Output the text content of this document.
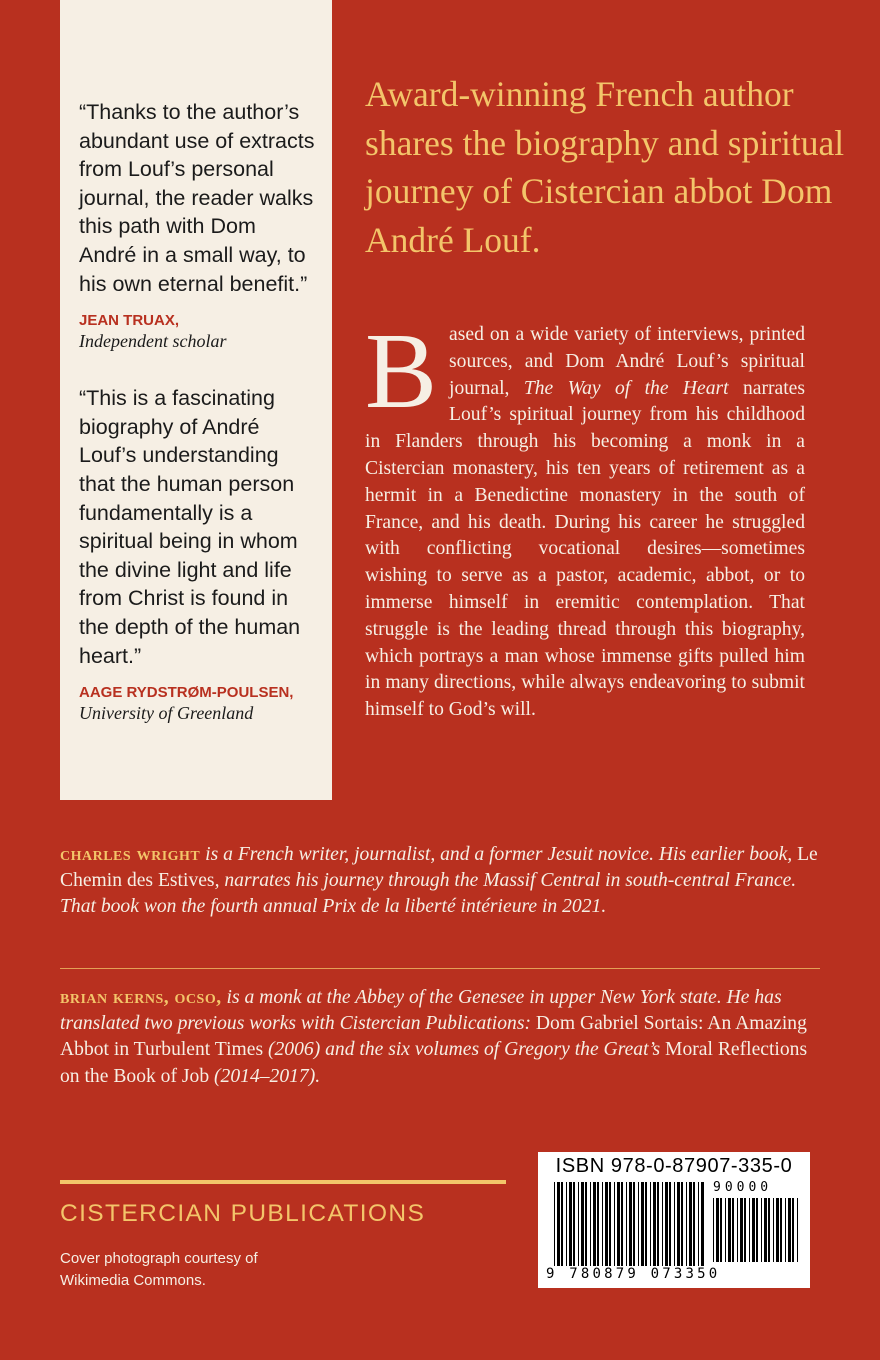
“Thanks to the author’s abundant use of extracts from Louf’s personal journal, the reader walks this path with Dom André in a small way, to his own eternal benefit.”

JEAN TRUAX,

Independent scholar

“This is a fascinating biography of André Louf’s understanding that the human person fundamentally is a spiritual being in whom the divine light and life from Christ is found in the depth of the human heart.”

AAGE RYDSTRØM-POULSEN,

University of Greenland

Award-winning French author shares the biography and spiritual journey of Cistercian abbot Dom André Louf.

B ased on a wide variety of interviews, printed sources, and Dom André Louf’s spiritual journal, The Way of the Heart narrates Louf’s spiritual journey from his childhood in Flanders through his becoming a monk in a Cistercian monastery, his ten years of retirement as a hermit in a Benedictine monastery in the south of France, and his death. During his career he struggled with conflicting vocational desires—sometimes wishing to serve as a pastor, academic, abbot, or to immerse himself in eremitic contemplation. That struggle is the leading thread through this biography, which portrays a man whose immense gifts pulled him in many directions, while always endeavoring to submit himself to God’s will.

charles wright is a French writer, journalist, and a former Jesuit novice. His earlier book, Le Chemin des Estives, narrates his journey through the Massif Central in south-central France. That book won the fourth annual Prix de la liberté intérieure in 2021.

brian kerns, ocso, is a monk at the Abbey of the Genesee in upper New York state. He has translated two previous works with Cistercian Publications: Dom Gabriel Sortais: An Amazing Abbot in Turbulent Times (2006) and the six volumes of Gregory the Great’s Moral Reflections on the Book of Job (2014–2017).

CISTERCIAN PUBLICATIONS

Cover photograph courtesy of Wikimedia Commons.

ISBN 978-0-87907-335-0

90000

9 780879 073350
